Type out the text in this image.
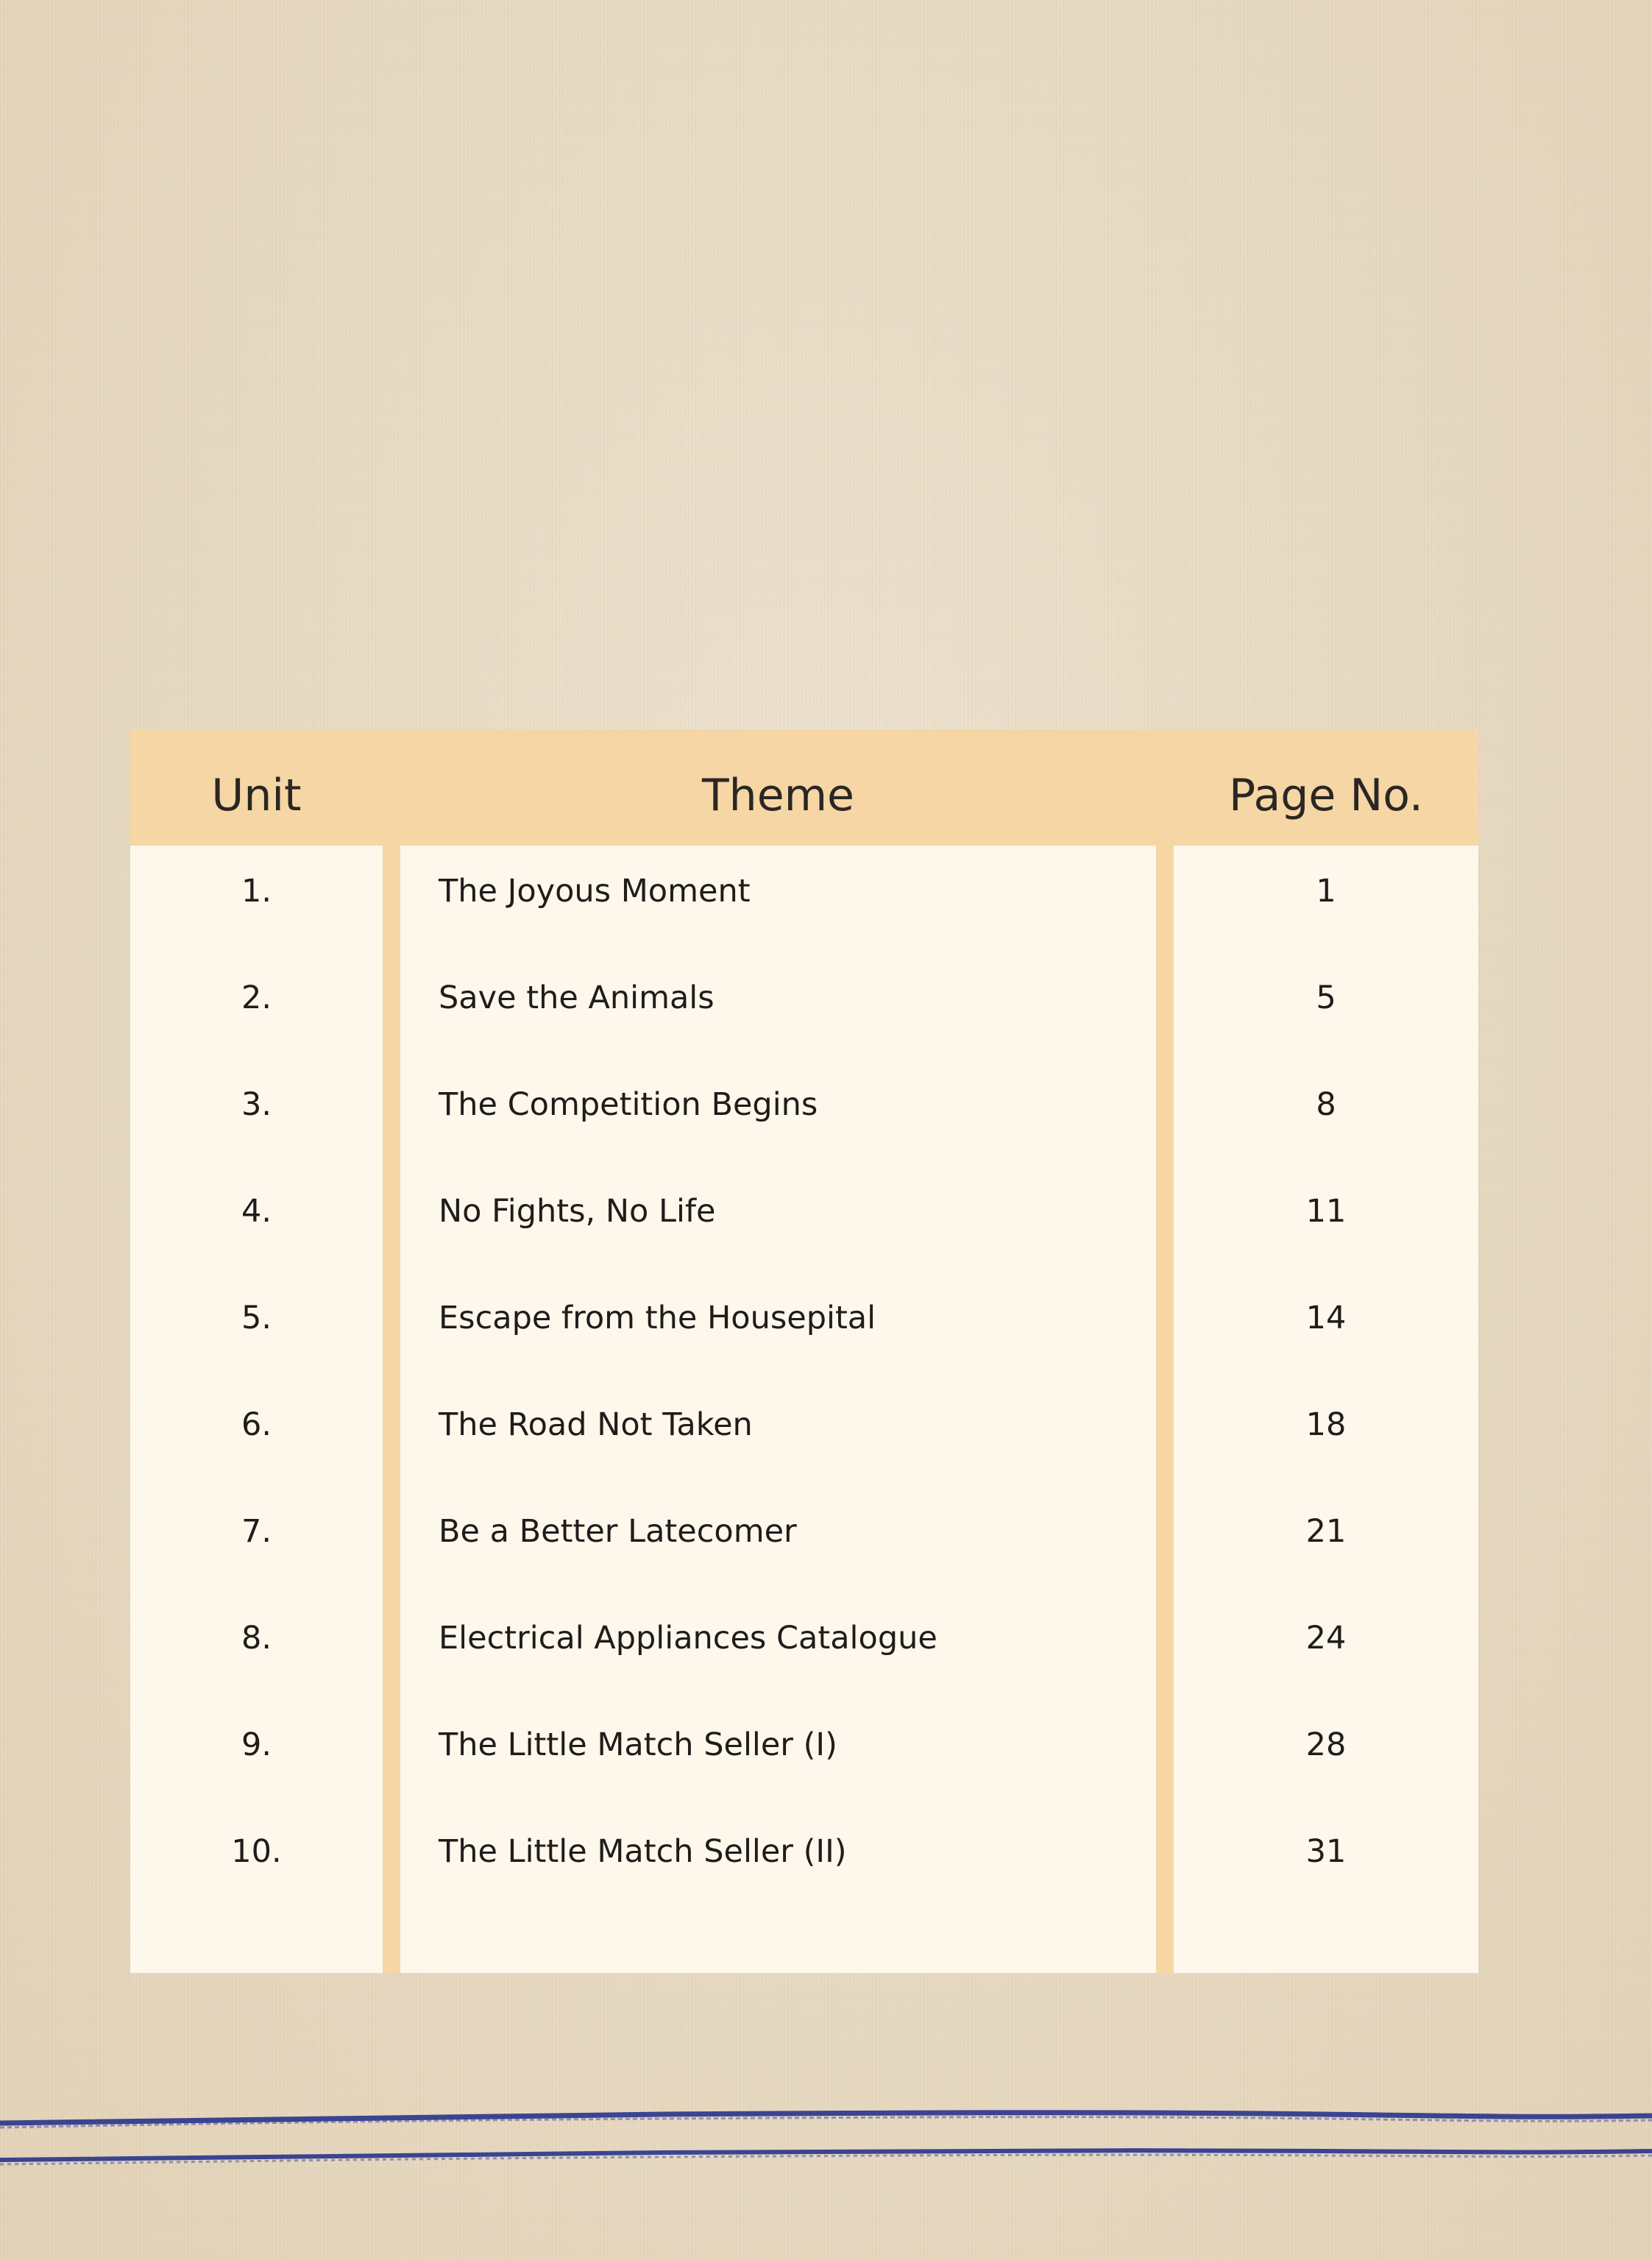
Unit	Theme	Page No.
1.	The Joyous Moment	1
2.	Save the Animals	5
3.	The Competition Begins	8
4.	No Fights, No Life	11
5.	Escape from the Housepital	14
6.	The Road Not Taken	18
7.	Be a Better Latecomer	21
8.	Electrical Appliances Catalogue	24
9.	The Little Match Seller (I)	28
10.	The Little Match Seller (II)	31
